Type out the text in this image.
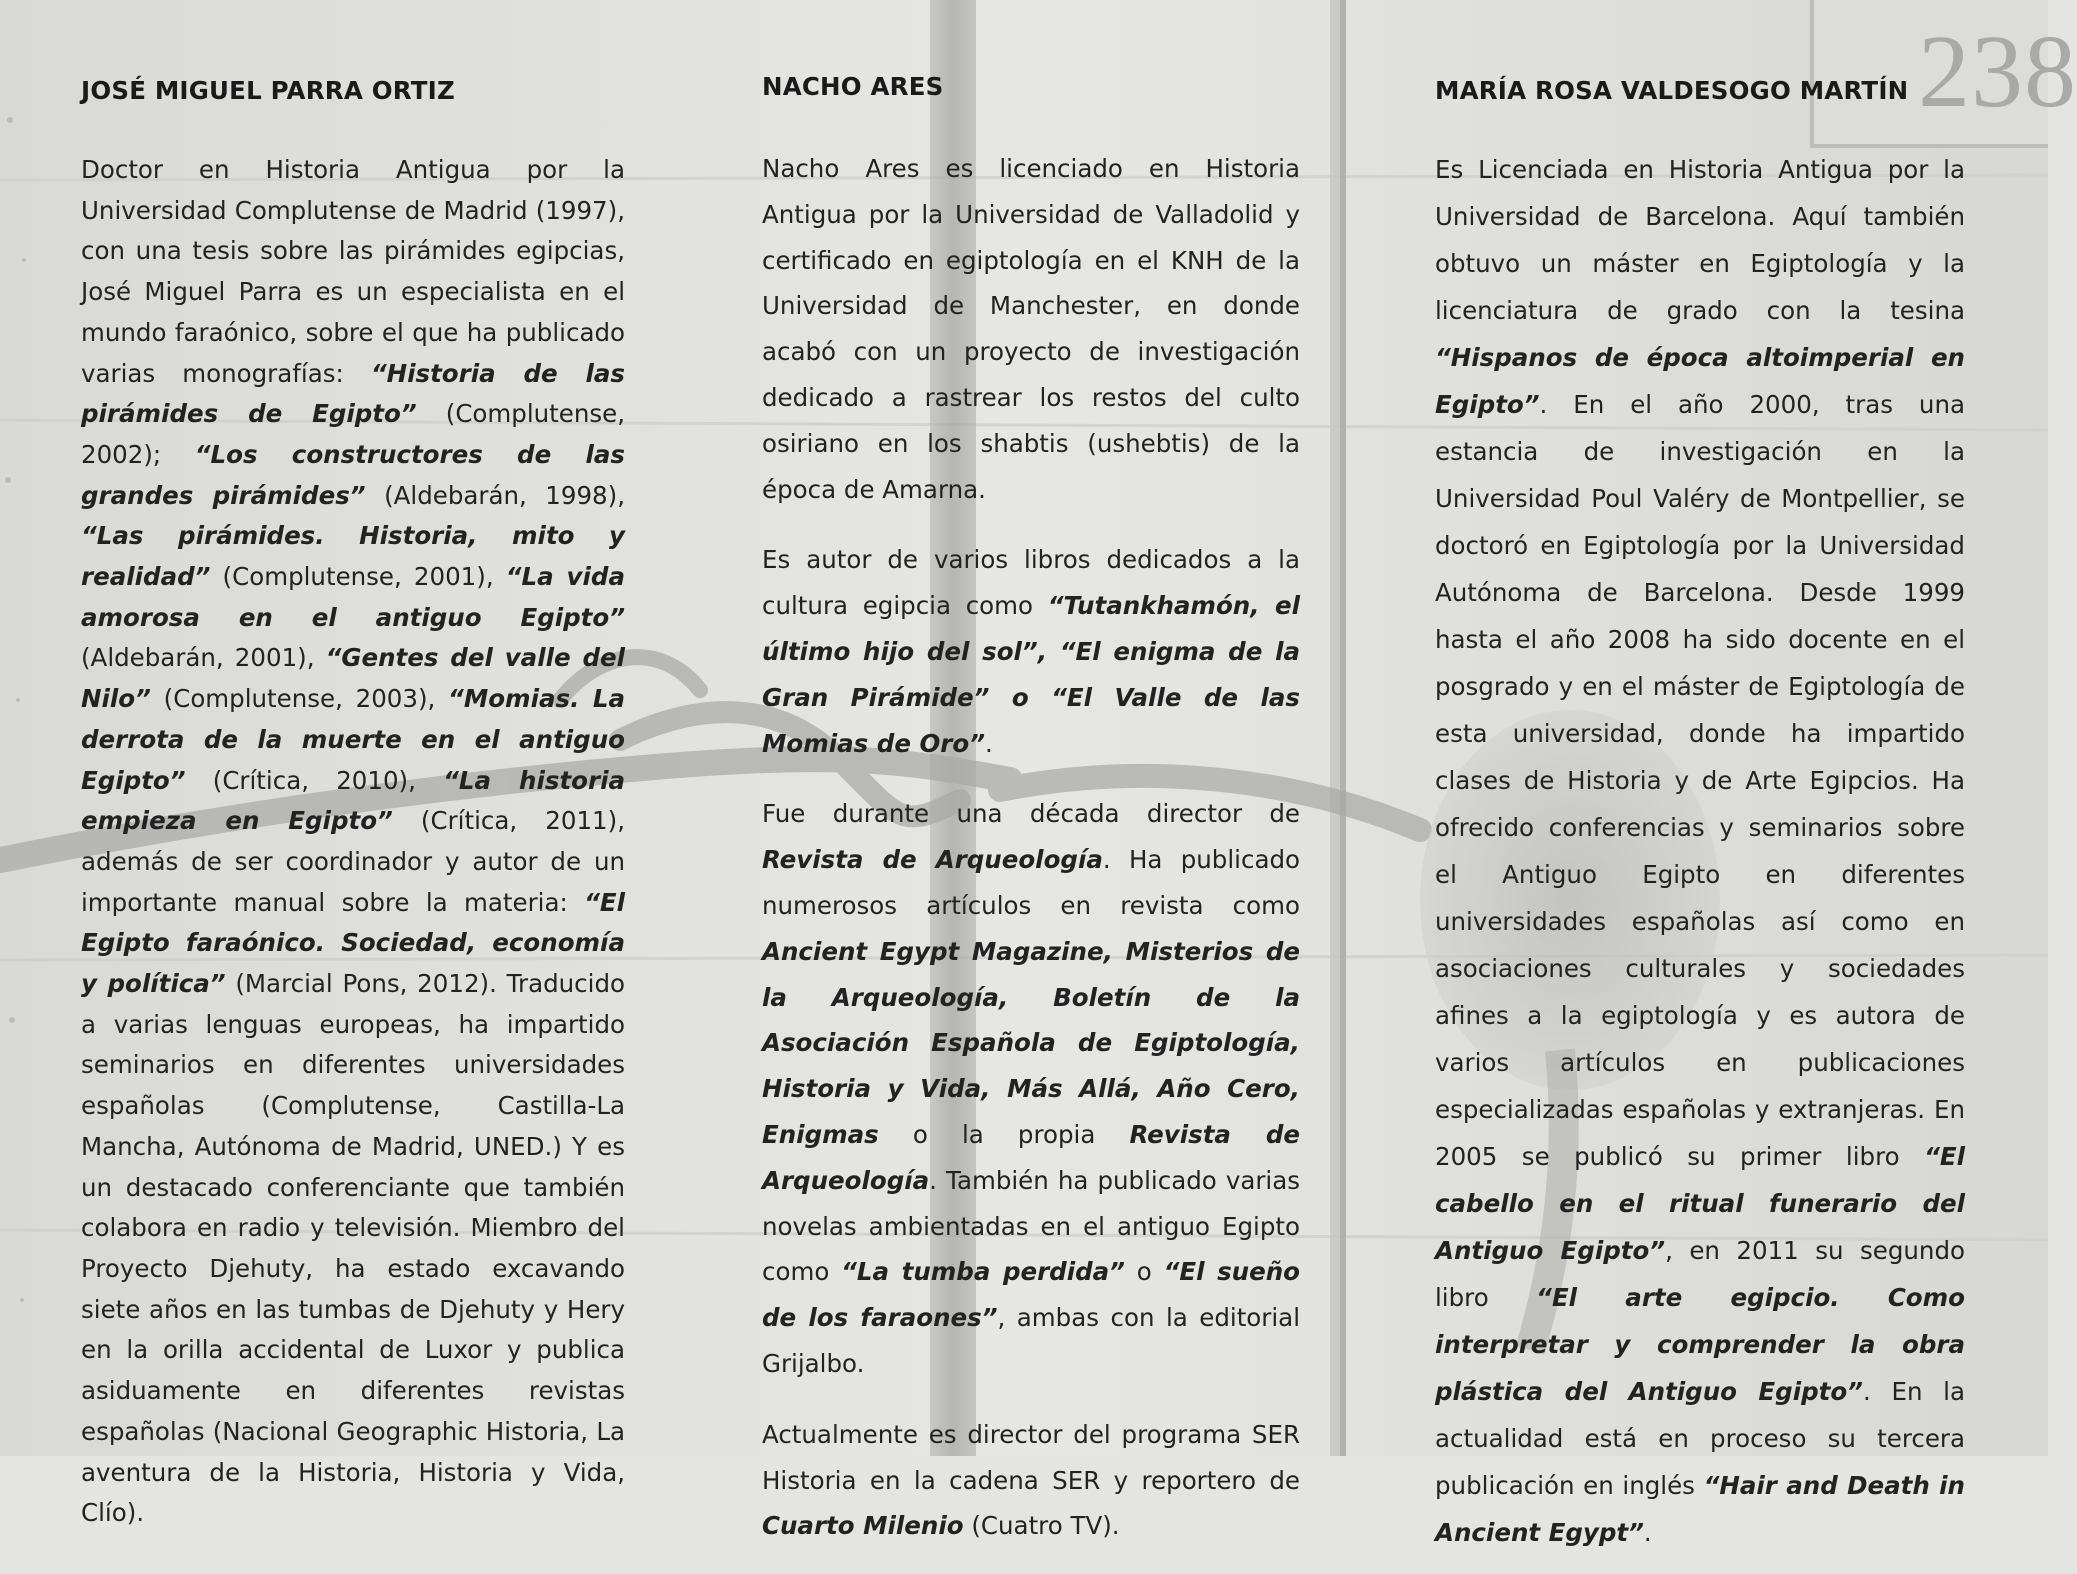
238
JOSÉ MIGUEL PARRA ORTIZ

Doctor en Historia Antigua por la Universidad Complutense de Madrid (1997), con una tesis sobre las pirámides egipcias, José Miguel Parra es un especialista en el mundo faraónico, sobre el que ha publicado varias monografías: “Historia de las pirámides de Egipto” (Complutense, 2002); “Los constructores de las grandes pirámides” (Aldebarán, 1998), “Las pirámides. Historia, mito y realidad” (Complutense, 2001), “La vida amorosa en el antiguo Egipto” (Aldebarán, 2001), “Gentes del valle del Nilo” (Complutense, 2003), “Momias. La derrota de la muerte en el antiguo Egipto” (Crítica, 2010), “La historia empieza en Egipto” (Crítica, 2011), además de ser coordinador y autor de un importante manual sobre la materia: “El Egipto faraónico. Sociedad, economía y política” (Marcial Pons, 2012). Traducido a varias lenguas europeas, ha impartido seminarios en diferentes universidades españolas (Complutense, Castilla-La Mancha, Autónoma de Madrid, UNED.) Y es un destacado conferenciante que también colabora en radio y televisión. Miembro del Proyecto Djehuty, ha estado excavando siete años en las tumbas de Djehuty y Hery en la orilla accidental de Luxor y publica asiduamente en diferentes revistas españolas (Nacional Geographic Historia, La aventura de la Historia, Historia y Vida, Clío).

NACHO ARES

Nacho Ares es licenciado en Historia Antigua por la Universidad de Valladolid y certificado en egiptología en el KNH de la Universidad de Manchester, en donde acabó con un proyecto de investigación dedicado a rastrear los restos del culto osiriano en los shabtis (ushebtis) de la época de Amarna.

Es autor de varios libros dedicados a la cultura egipcia como “Tutankhamón, el último hijo del sol”, “El enigma de la Gran Pirámide” o “El Valle de las Momias de Oro”.

Fue durante una década director de Revista de Arqueología. Ha publicado numerosos artículos en revista como Ancient Egypt Magazine, Misterios de la Arqueología, Boletín de la Asociación Española de Egiptología, Historia y Vida, Más Allá, Año Cero, Enigmas o la propia Revista de Arqueología. También ha publicado varias novelas ambientadas en el antiguo Egipto como “La tumba perdida” o “El sueño de los faraones”, ambas con la editorial Grijalbo.

Actualmente es director del programa SER Historia en la cadena SER y reportero de Cuarto Milenio (Cuatro TV).

MARÍA ROSA VALDESOGO MARTÍN

Es Licenciada en Historia Antigua por la Universidad de Barcelona. Aquí también obtuvo un máster en Egiptología y la licenciatura de grado con la tesina “Hispanos de época altoimperial en Egipto”. En el año 2000, tras una estancia de investigación en la Universidad Poul Valéry de Montpellier, se doctoró en Egiptología por la Universidad Autónoma de Barcelona. Desde 1999 hasta el año 2008 ha sido docente en el posgrado y en el máster de Egiptología de esta universidad, donde ha impartido clases de Historia y de Arte Egipcios. Ha ofrecido conferencias y seminarios sobre el Antiguo Egipto en diferentes universidades españolas así como en asociaciones culturales y sociedades afines a la egiptología y es autora de varios artículos en publicaciones especializadas españolas y extranjeras. En 2005 se publicó su primer libro “El cabello en el ritual funerario del Antiguo Egipto”, en 2011 su segundo libro “El arte egipcio. Como interpretar y comprender la obra plástica del Antiguo Egipto”. En la actualidad está en proceso su tercera publicación en inglés “Hair and Death in Ancient Egypt”.
